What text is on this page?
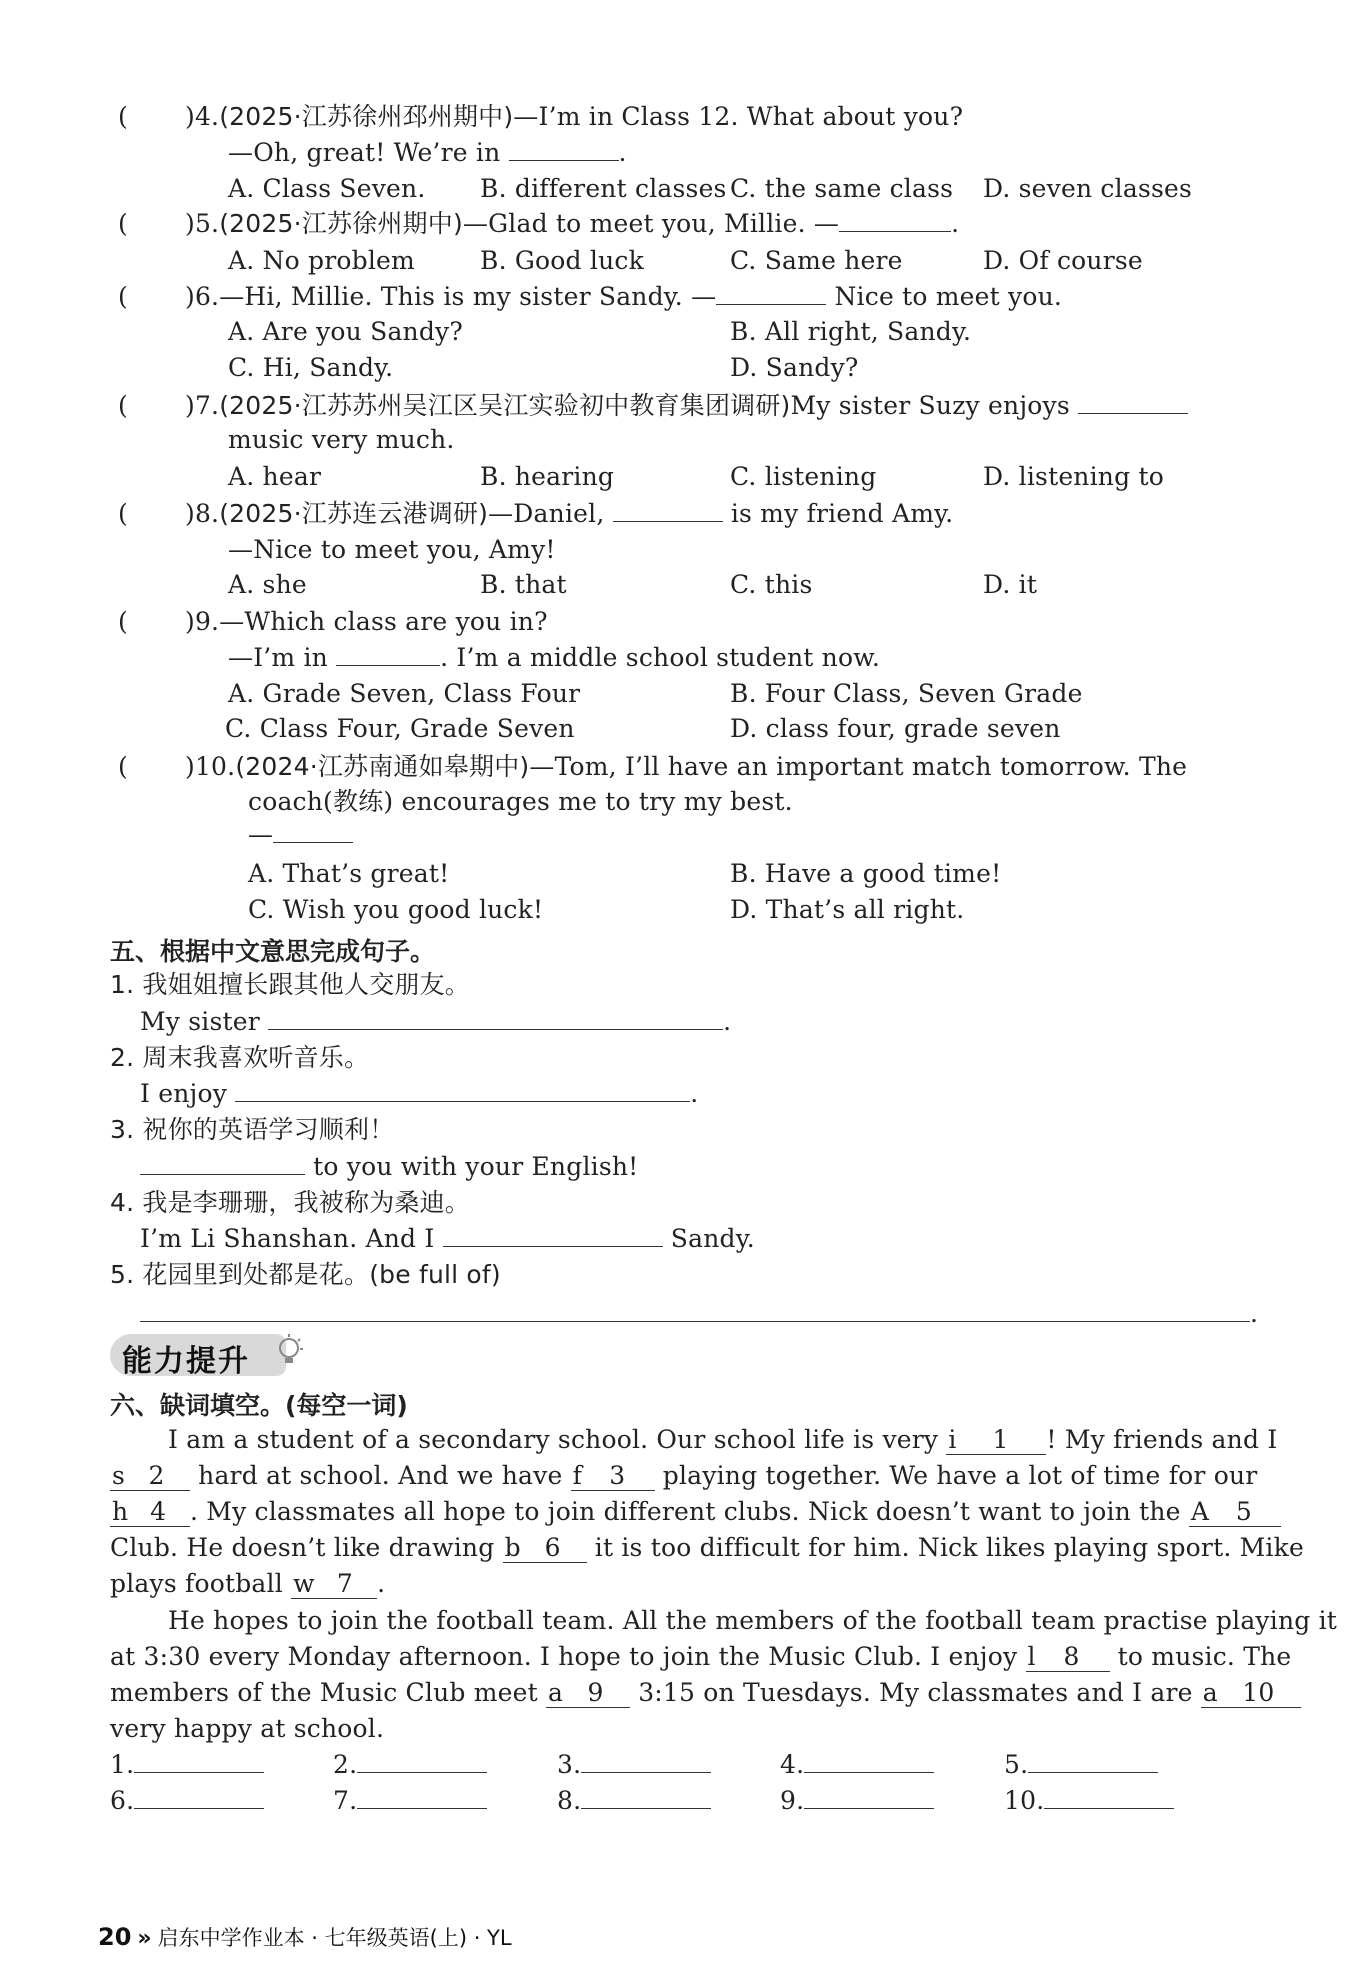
( )4.(2025·江苏徐州邳州期中)—I’m in Class 12. What about you?
—Oh, great! We’re in	.
A. Class Seven. B. different classes C. the same class D. seven classes
( )5.(2025·江苏徐州期中)—Glad to meet you, Millie. —	.
A. No problem	B. Good luck	C. Same here	D. Of course
( )6.—Hi, Millie. This is my sister Sandy. —	Nice to meet you.
A. Are you Sandy?	B. All right, Sandy.
C. Hi, Sandy.	D. Sandy?
( )7.(2025·江苏苏州吴江区吴江实验初中教育集团调研)My sister Suzy enjoys
music very much.
A. hear	B. hearing	C. listening	D. listening to
( )8.(2025·江苏连云港调研)—Daniel,	is my friend Amy.
—Nice to meet you, Amy!
A. she	B. that	C. this	D. it
( )9.—Which class are you in?
—I’m in	. I’m a middle school student now.
A. Grade Seven, Class Four	B. Four Class, Seven Grade
C. Class Four, Grade Seven	D. class four, grade seven
( )10.(2024·江苏南通如皋期中)—Tom, I’ll have an important match tomorrow. The
coach(教练) encourages me to try my best.
—
A. That’s great!	B. Have a good time!
C. Wish you good luck!	D. That’s all right.
五、根据中文意思完成句子。
1. 我姐姐擅长跟其他人交朋友。
My sister	.
2. 周末我喜欢听音乐。
I enjoy	.
3. 祝你的英语学习顺利！
to you with your English!
4. 我是李珊珊，我被称为桑迪。
I’m Li Shanshan. And I	Sandy.
5. 花园里到处都是花。(be full of)
.
能力提升
六、缺词填空。(每空一词)
I am a student of a secondary school. Our school life is very i 1 ! My friends and I
s 2 hard at school. And we have f 3 playing together. We have a lot of time for our
h 4 . My classmates all hope to join different clubs. Nick doesn’t want to join the A 5
Club. He doesn’t like drawing b 6 it is too difficult for him. Nick likes playing sport. Mike
plays football w 7 .
He hopes to join the football team. All the members of the football team practise playing it
at 3:30 every Monday afternoon. I hope to join the Music Club. I enjoy l 8 to music. The
members of the Music Club meet a 9 3:15 on Tuesdays. My classmates and I are a 10
very happy at school.
1.	2.	3.	4.	5.
6.	7.	8.	9.	10.
20 » 启东中学作业本 · 七年级英语(上) · YL
